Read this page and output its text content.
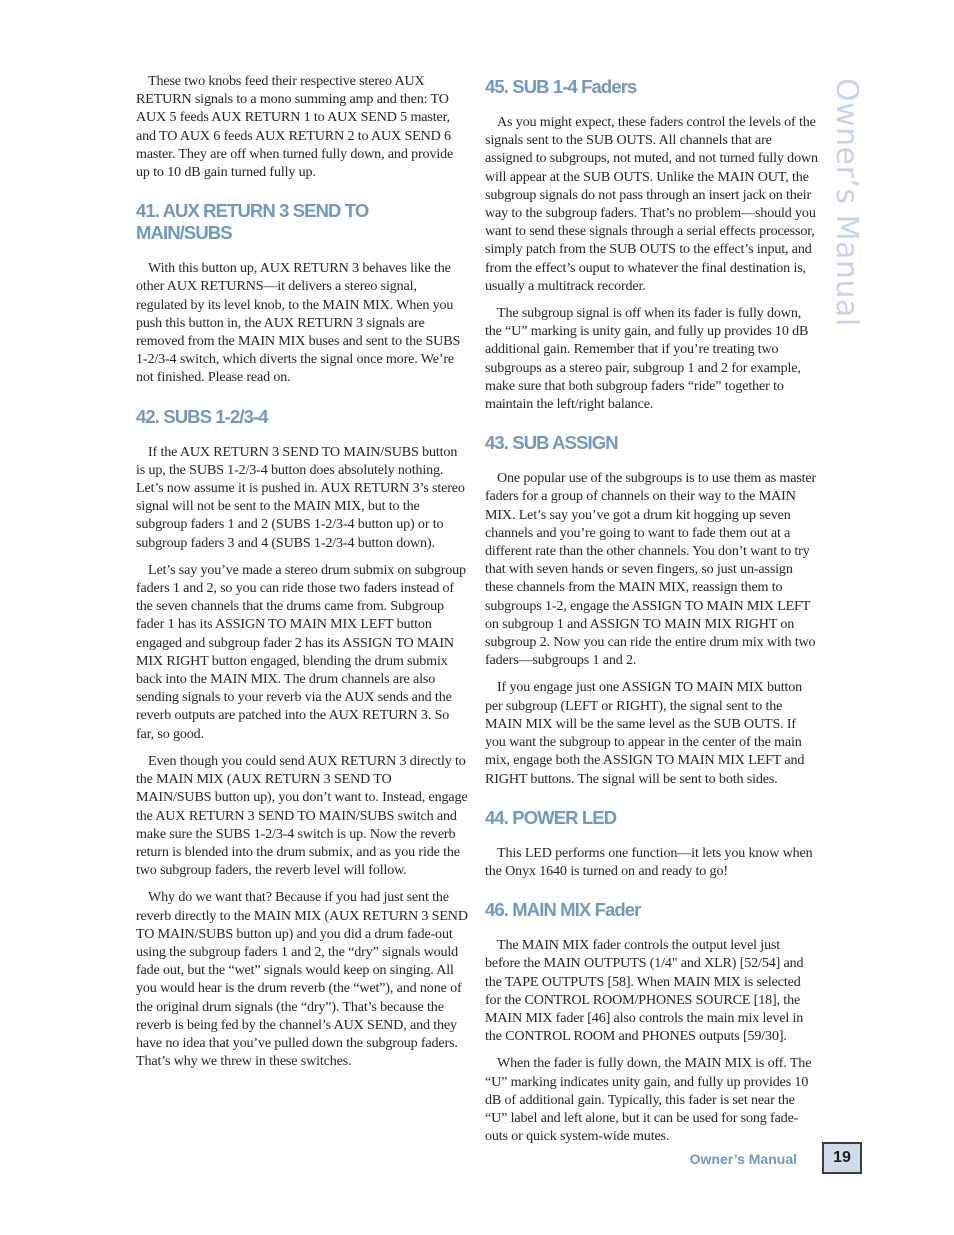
Owner’s Manual

These two knobs feed their respective stereo AUX RETURN signals to a mono summing amp and then: TO AUX 5 feeds AUX RETURN 1 to AUX SEND 5 master, and TO AUX 6 feeds AUX RETURN 2 to AUX SEND 6 master. They are off when turned fully down, and provide up to 10 dB gain turned fully up.

41. AUX RETURN 3 SEND TO MAIN/SUBS

With this button up, AUX RETURN 3 behaves like the other AUX RETURNS—it delivers a stereo signal, regulated by its level knob, to the MAIN MIX. When you push this button in, the AUX RETURN 3 signals are removed from the MAIN MIX buses and sent to the SUBS 1-2/3-4 switch, which diverts the signal once more. We’re not finished. Please read on.

42. SUBS 1-2/3-4

If the AUX RETURN 3 SEND TO MAIN/SUBS button is up, the SUBS 1-2/3-4 button does absolutely nothing. Let’s now assume it is pushed in. AUX RETURN 3’s stereo signal will not be sent to the MAIN MIX, but to the subgroup faders 1 and 2 (SUBS 1-2/3-4 button up) or to subgroup faders 3 and 4 (SUBS 1-2/3-4 button down).

Let’s say you’ve made a stereo drum submix on subgroup faders 1 and 2, so you can ride those two faders instead of the seven channels that the drums came from. Subgroup fader 1 has its ASSIGN TO MAIN MIX LEFT button engaged and subgroup fader 2 has its ASSIGN TO MAIN MIX RIGHT button engaged, blending the drum submix back into the MAIN MIX. The drum channels are also sending signals to your reverb via the AUX sends and the reverb outputs are patched into the AUX RETURN 3. So far, so good.

Even though you could send AUX RETURN 3 directly to the MAIN MIX (AUX RETURN 3 SEND TO MAIN/SUBS button up), you don’t want to. Instead, engage the AUX RETURN 3 SEND TO MAIN/SUBS switch and make sure the SUBS 1-2/3-4 switch is up. Now the reverb return is blended into the drum submix, and as you ride the two subgroup faders, the reverb level will follow.

Why do we want that? Because if you had just sent the reverb directly to the MAIN MIX (AUX RETURN 3 SEND TO MAIN/SUBS button up) and you did a drum fade-out using the subgroup faders 1 and 2, the “dry” signals would fade out, but the “wet” signals would keep on singing. All you would hear is the drum reverb (the “wet”), and none of the original drum signals (the “dry”). That’s because the reverb is being fed by the channel’s AUX SEND, and they have no idea that you’ve pulled down the subgroup faders. That’s why we threw in these switches.

45. SUB 1-4 Faders

As you might expect, these faders control the levels of the signals sent to the SUB OUTS. All channels that are assigned to subgroups, not muted, and not turned fully down will appear at the SUB OUTS. Unlike the MAIN OUT, the subgroup signals do not pass through an insert jack on their way to the subgroup faders. That’s no problem—should you want to send these signals through a serial effects processor, simply patch from the SUB OUTS to the effect’s input, and from the effect’s ouput to whatever the final destination is, usually a multitrack recorder.

The subgroup signal is off when its fader is fully down, the “U” marking is unity gain, and fully up provides 10 dB additional gain. Remember that if you’re treating two subgroups as a stereo pair, subgroup 1 and 2 for example, make sure that both subgroup faders “ride” together to maintain the left/right balance.

43. SUB ASSIGN

One popular use of the subgroups is to use them as master faders for a group of channels on their way to the MAIN MIX. Let’s say you’ve got a drum kit hogging up seven channels and you’re going to want to fade them out at a different rate than the other channels. You don’t want to try that with seven hands or seven fingers, so just un-assign these channels from the MAIN MIX, reassign them to subgroups 1-2, engage the ASSIGN TO MAIN MIX LEFT on subgroup 1 and ASSIGN TO MAIN MIX RIGHT on subgroup 2. Now you can ride the entire drum mix with two faders—subgroups 1 and 2.

If you engage just one ASSIGN TO MAIN MIX button per subgroup (LEFT or RIGHT), the signal sent to the MAIN MIX will be the same level as the SUB OUTS. If you want the subgroup to appear in the center of the main mix, engage both the ASSIGN TO MAIN MIX LEFT and RIGHT buttons. The signal will be sent to both sides.

44. POWER LED

This LED performs one function—it lets you know when the Onyx 1640 is turned on and ready to go!

46. MAIN MIX Fader

The MAIN MIX fader controls the output level just before the MAIN OUTPUTS (1/4" and XLR) [52/54] and the TAPE OUTPUTS [58]. When MAIN MIX is selected for the CONTROL ROOM/PHONES SOURCE [18], the MAIN MIX fader [46] also controls the main mix level in the CONTROL ROOM and PHONES outputs [59/30].

When the fader is fully down, the MAIN MIX is off. The “U” marking indicates unity gain, and fully up provides 10 dB of additional gain. Typically, this fader is set near the “U” label and left alone, but it can be used for song fade-outs or quick system-wide mutes.

Owner’s Manual	19
